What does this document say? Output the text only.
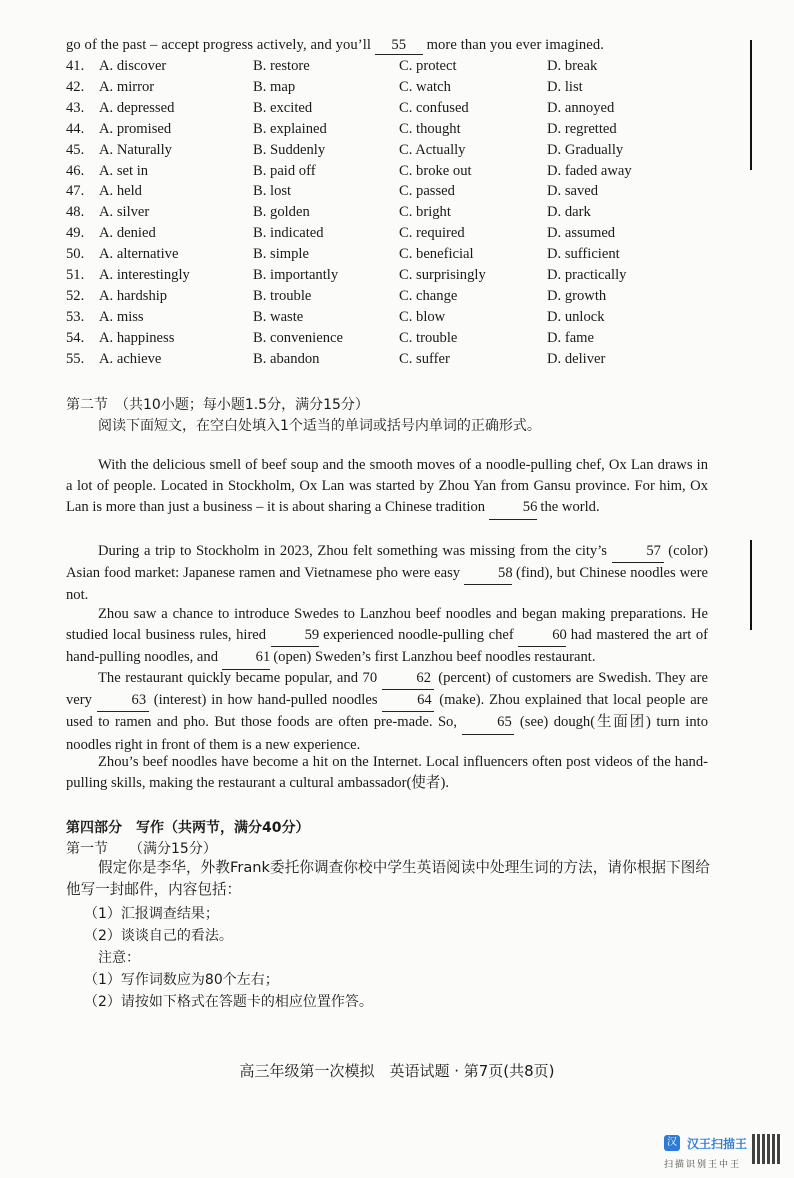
go of the past – accept progress actively, and you’ll 55 more than you ever imagined.
41. A. discover	B. restore	C. protect	D. break
42. A. mirror	B. map	C. watch	D. list
43. A. depressed	B. excited	C. confused	D. annoyed
44. A. promised	B. explained	C. thought	D. regretted
45. A. Naturally	B. Suddenly	C. Actually	D. Gradually
46. A. set in	B. paid off	C. broke out	D. faded away
47. A. held	B. lost	C. passed	D. saved
48. A. silver	B. golden	C. bright	D. dark
49. A. denied	B. indicated	C. required	D. assumed
50. A. alternative	B. simple	C. beneficial	D. sufficient
51. A. interestingly	B. importantly	C. surprisingly	D. practically
52. A. hardship	B. trouble	C. change	D. growth
53. A. miss	B. waste	C. blow	D. unlock
54. A. happiness	B. convenience	C. trouble	D. fame
55. A. achieve	B. abandon	C. suffer	D. deliver
第二节　（共10小题；每小题1.5分，满分15分）
阅读下面短文，在空白处填入1个适当的单词或括号内单词的正确形式。
With the delicious smell of beef soup and the smooth moves of a noodle-pulling chef, Ox Lan draws in a lot of people. Located in Stockholm, Ox Lan was started by Zhou Yan from Gansu province. For him, Ox Lan is more than just a business – it is about sharing a Chinese tradition	56 the world.
During a trip to Stockholm in 2023, Zhou felt something was missing from the city’s	57 (color) Asian food market: Japanese ramen and Vietnamese pho were easy	58 (find), but Chinese noodles were not.
Zhou saw a chance to introduce Swedes to Lanzhou beef noodles and began making preparations. He studied local business rules, hired	59 experienced noodle-pulling chef	60 had mastered the art of hand-pulling noodles, and	61 (open) Sweden’s first Lanzhou beef noodles restaurant.
The restaurant quickly became popular, and 70	62 (percent) of customers are Swedish. They are very	63 (interest) in how hand-pulled noodles	64 (make). Zhou explained that local people are used to ramen and pho. But those foods are often pre-made. So,	65 (see) dough(生面团) turn into noodles right in front of them is a new experience.
Zhou’s beef noodles have become a hit on the Internet. Local influencers often post videos of the hand-pulling skills, making the restaurant a cultural ambassador(使者).
第四部分　写作（共两节，满分40分）
第一节　　（满分15分）
假定你是李华，外教Frank委托你调查你校中学生英语阅读中处理生词的方法，请你根据下图给他写一封邮件，内容包括：
（1）汇报调查结果；
（2）谈谈自己的看法。
注意：
（1）写作词数应为80个左右；
（2）请按如下格式在答题卡的相应位置作答。
高三年级第一次模拟　英语试题 · 第7页(共8页)
汉 汉王扫描王
扫描识别王中王
